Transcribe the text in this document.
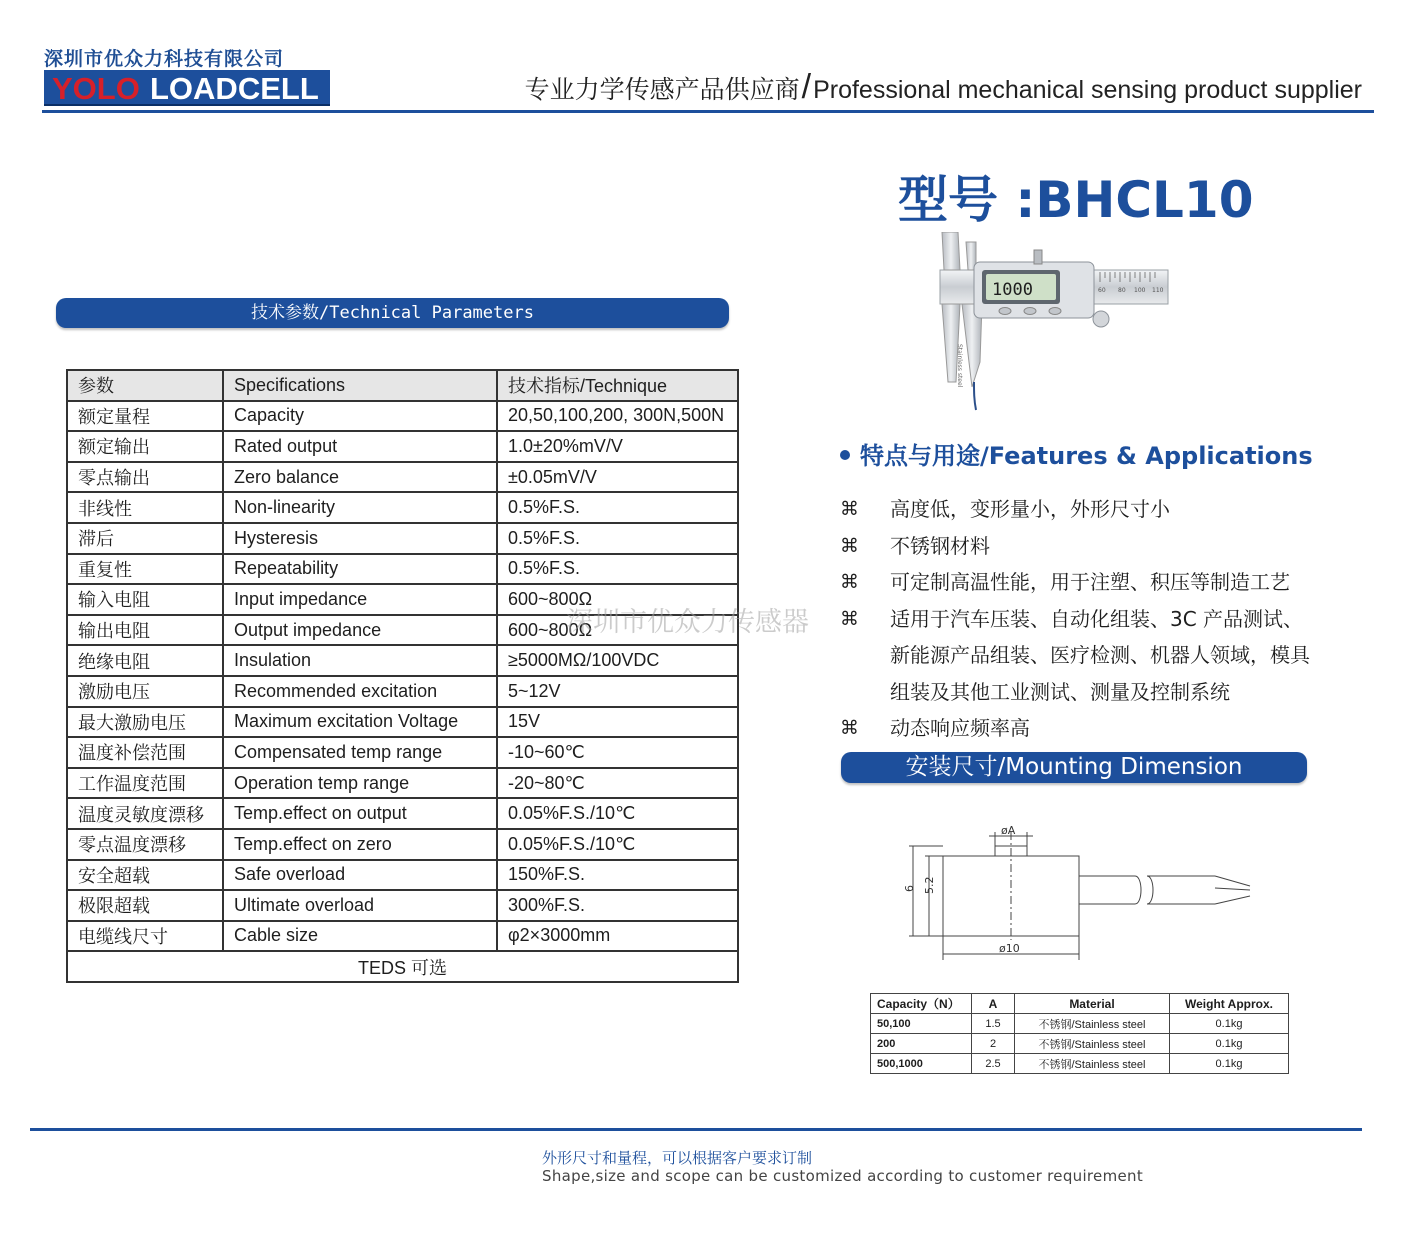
深圳市优众力科技有限公司
YOLO LOADCELL	专业力学传感产品供应商/Professional mechanical sensing product supplier
型号 :BHCL10
60 80 100 110
1000
Stainless steel
技术参数/Technical Parameters
参数	Specifications	技术指标/Technique
额定量程	Capacity	20,50,100,200, 300N,500N
额定输出	Rated output	1.0±20%mV/V
零点输出	Zero balance	±0.05mV/V
非线性	Non-linearity	0.5%F.S.
滞后	Hysteresis	0.5%F.S.
重复性	Repeatability	0.5%F.S.
输入电阻	Input impedance	600~800Ω
输出电阻	Output impedance	600~800Ω
绝缘电阻	Insulation	≥5000MΩ/100VDC
激励电压	Recommended excitation	5~12V
最大激励电压	Maximum excitation Voltage	15V
温度补偿范围	Compensated temp range	-10~60℃
工作温度范围	Operation temp range	-20~80℃
温度灵敏度漂移	Temp.effect on output	0.05%F.S./10℃
零点温度漂移	Temp.effect on zero	0.05%F.S./10℃
安全超载	Safe overload	150%F.S.
极限超载	Ultimate overload	300%F.S.
电缆线尺寸	Cable size	φ2×3000mm
TEDS 可选		
特点与用途/Features & Applications
⌘ 高度低，变形量小，外形尺寸小
⌘ 不锈钢材料
⌘ 可定制高温性能，用于注塑、积压等制造工艺
⌘ 适用于汽车压装、自动化组装、3C 产品测试、
新能源产品组装、医疗检测、机器人领域，模具
组装及其他工业测试、测量及控制系统
⌘ 动态响应频率高
深圳市优众力传感器
安装尺寸/Mounting Dimension
øA
6 5.2
ø10
Capacity（N）	A	Material	Weight Approx.
50,100	1.5	不锈钢/Stainless steel	0.1kg
200	2	不锈钢/Stainless steel	0.1kg
500,1000	2.5	不锈钢/Stainless steel	0.1kg
外形尺寸和量程，可以根据客户要求订制
Shape,size and scope can be customized according to customer requirement
